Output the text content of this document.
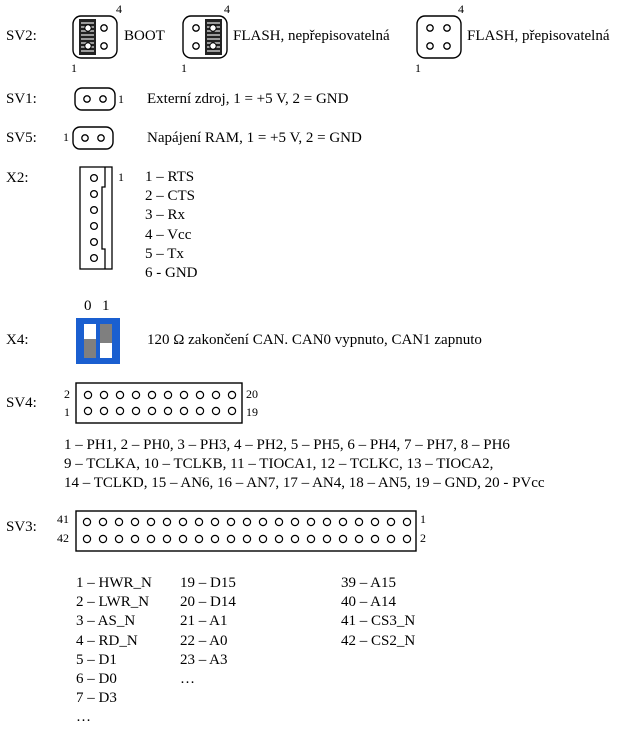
SV2:
4
1
BOOT
4
1
FLASH, nepřepisovatelná
4
1
FLASH, přepisovatelná
SV1:	1 Externí zdroj, 1 = +5 V, 2 = GND
SV5: 1	Napájení RAM, 1 = +5 V, 2 = GND
X2:	1 1 – RTS
2 – CTS
3 – Rx
4 – Vcc
5 – Tx
6 - GND
X4:
0 1
120 Ω zakončení CAN. CAN0 vypnuto, CAN1 zapnuto
SV4:
2
1
20
19
1 – PH1, 2 – PH0, 3 – PH3, 4 – PH2, 5 – PH5, 6 – PH4, 7 – PH7, 8 – PH6
9 – TCLKA, 10 – TCLKB, 11 – TIOCA1, 12 – TCLKC, 13 – TIOCA2,
14 – TCLKD, 15 – AN6, 16 – AN7, 17 – AN4, 18 – AN5, 19 – GND, 20 - PVcc
SV3: 41
42
1
2
1 – HWR_N
2 – LWR_N
3 – AS_N
4 – RD_N
5 – D1
6 – D0
7 – D3
…
19 – D15
20 – D14
21 – A1
22 – A0
23 – A3
…
39 – A15
40 – A14
41 – CS3_N
42 – CS2_N
